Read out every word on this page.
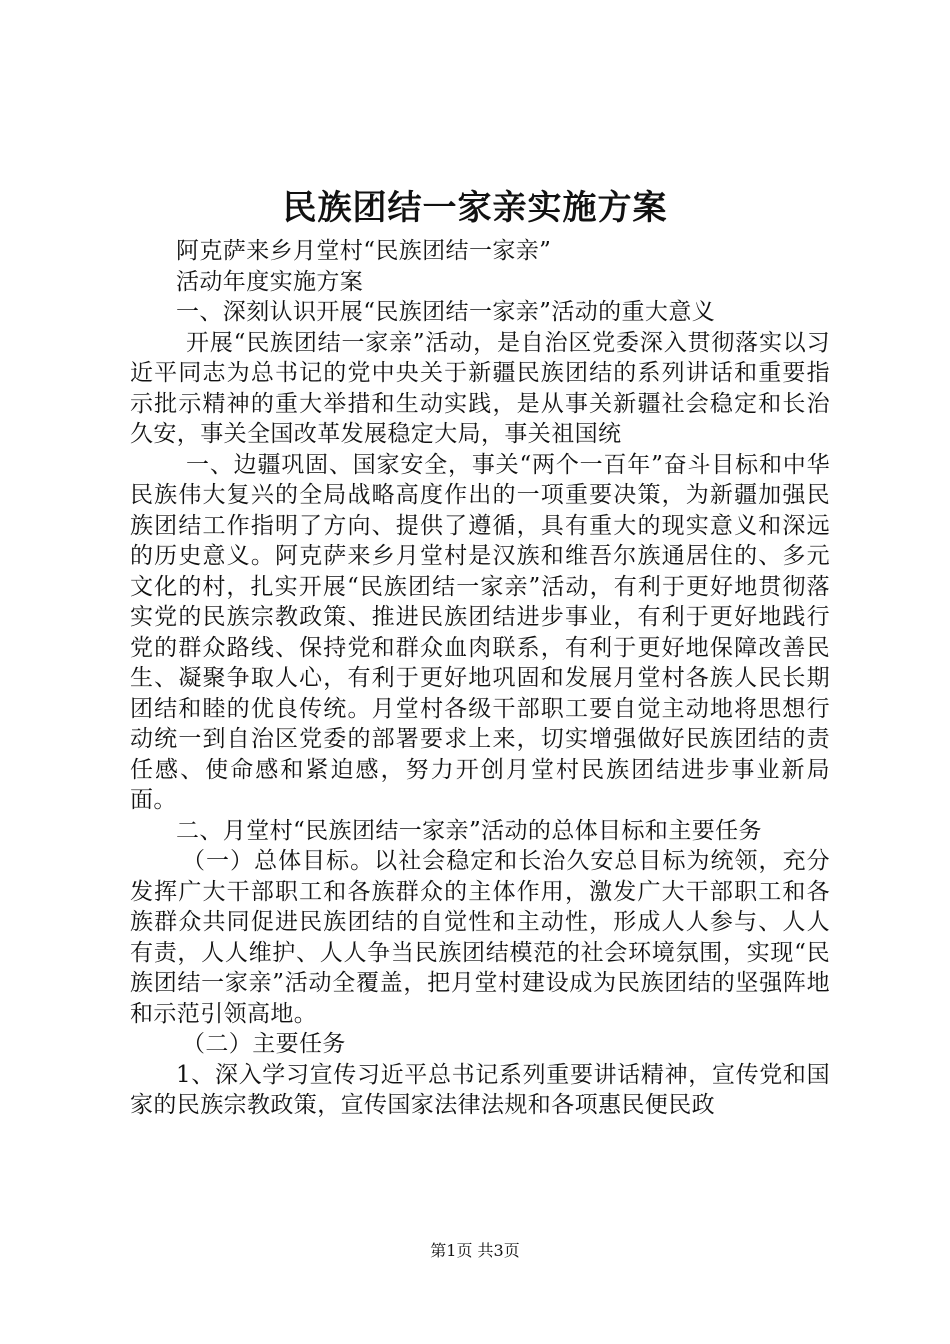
民族团结一家亲实施方案

阿克萨来乡月堂村“民族团结一家亲”

活动年度实施方案

一、深刻认识开展“民族团结一家亲”活动的重大意义

开展“民族团结一家亲”活动，是自治区党委深入贯彻落实以习近平同志为总书记的党中央关于新疆民族团结的系列讲话和重要指示批示精神的重大举措和生动实践，是从事关新疆社会稳定和长治久安，事关全国改革发展稳定大局，事关祖国统

一、边疆巩固、国家安全，事关“两个一百年”奋斗目标和中华民族伟大复兴的全局战略高度作出的一项重要决策，为新疆加强民族团结工作指明了方向、提供了遵循，具有重大的现实意义和深远的历史意义。阿克萨来乡月堂村是汉族和维吾尔族通居住的、多元文化的村，扎实开展“民族团结一家亲”活动，有利于更好地贯彻落实党的民族宗教政策、推进民族团结进步事业，有利于更好地践行党的群众路线、保持党和群众血肉联系，有利于更好地保障改善民生、凝聚争取人心，有利于更好地巩固和发展月堂村各族人民长期团结和睦的优良传统。月堂村各级干部职工要自觉主动地将思想行动统一到自治区党委的部署要求上来，切实增强做好民族团结的责任感、使命感和紧迫感，努力开创月堂村民族团结进步事业新局面。

二、月堂村“民族团结一家亲”活动的总体目标和主要任务

（一）总体目标。以社会稳定和长治久安总目标为统领，充分发挥广大干部职工和各族群众的主体作用，激发广大干部职工和各族群众共同促进民族团结的自觉性和主动性，形成人人参与、人人有责，人人维护、人人争当民族团结模范的社会环境氛围，实现“民族团结一家亲”活动全覆盖，把月堂村建设成为民族团结的坚强阵地和示范引领高地。

（二）主要任务

1、深入学习宣传习近平总书记系列重要讲话精神，宣传党和国家的民族宗教政策，宣传国家法律法规和各项惠民便民政

第1页 共3页
